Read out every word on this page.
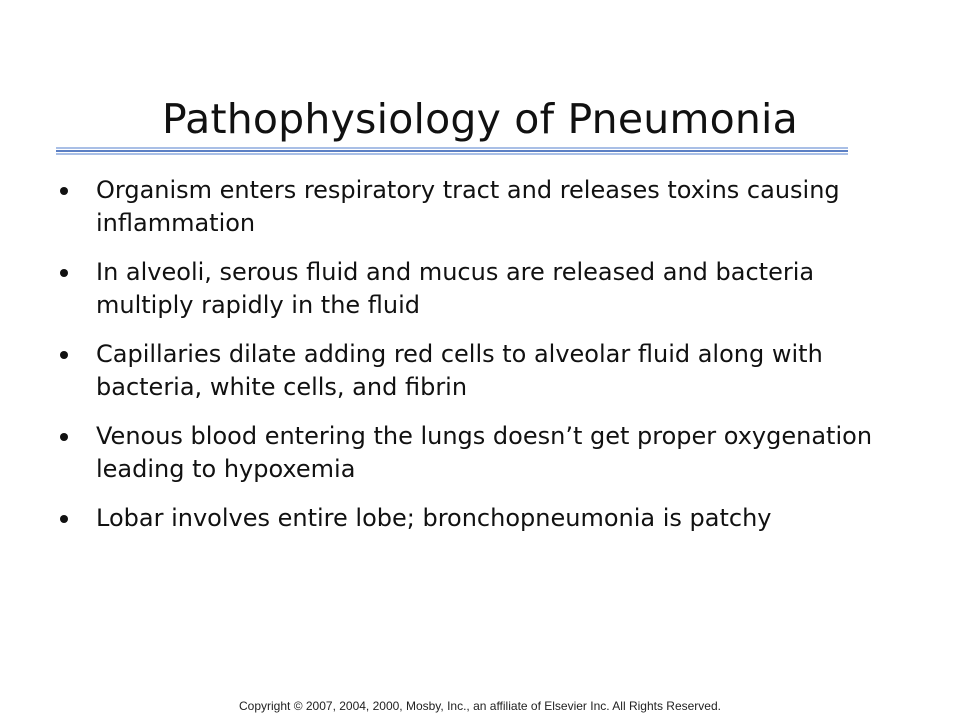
Pathophysiology of Pneumonia
Organism enters respiratory tract and releases toxins causing inflammation
In alveoli, serous fluid and mucus are released and bacteria multiply rapidly in the fluid
Capillaries dilate adding red cells to alveolar fluid along with bacteria, white cells, and fibrin
Venous blood entering the lungs doesn’t get proper oxygenation leading to hypoxemia
Lobar involves entire lobe; bronchopneumonia is patchy
Copyright © 2007, 2004, 2000, Mosby, Inc., an affiliate of Elsevier Inc. All Rights Reserved.
